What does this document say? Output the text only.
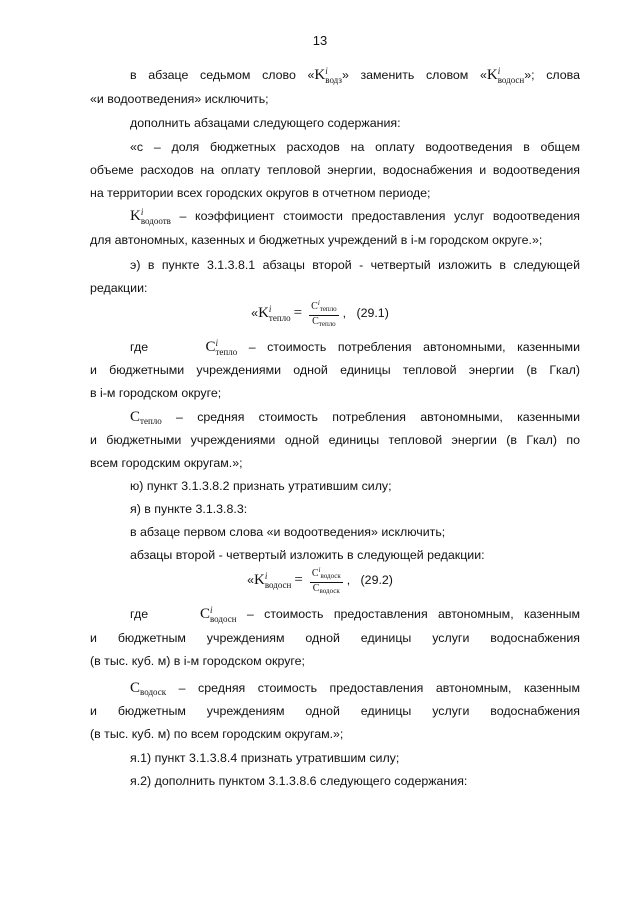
13
в абзаце седьмом слово «K i
водз » заменить словом «K i
водосн »; слова
«и водоотведения» исключить;
дополнить абзацами следующего содержания:
«c – доля бюджетных расходов на оплату водоотведения в общем
объеме расходов на оплату тепловой энергии, водоснабжения и водоотведения
на территории всех городских округов в отчетном периоде;
K i
водоотв – коэффициент стоимости предоставления услуг водоотведения
для автономных, казенных и бюджетных учреждений в i-м городском округе.»;
э) в пункте 3.1.3.8.1 абзацы второй - четвертый изложить в следующей
редакции:
«K i
тепло = $\frac{C^i_{тепло}}{C_{тепло}}$ ,   (29.1)
где	C i
тепло – стоимость потребления автономными, казенными
и бюджетными учреждениями одной единицы тепловой энергии (в Гкал)
в i-м городском округе;
$C_{тепло}$ – средняя стоимость потребления автономными, казенными
и бюджетными учреждениями одной единицы тепловой энергии (в Гкал) по
всем городским округам.»;
ю) пункт 3.1.3.8.2 признать утратившим силу;
я) в пункте 3.1.3.8.3:
в абзаце первом слова «и водоотведения» исключить;
абзацы второй - четвертый изложить в следующей редакции:
«K i
водосн = $\frac{C^i_{водоск}}{C_{водоск}}$ ,   (29.2)
где	C i
водосн – стоимость предоставления автономным, казенным
и бюджетным учреждениям одной единицы услуги водоснабжения
(в тыс. куб. м) в i-м городском округе;
$C_{водоск}$ – средняя стоимость предоставления автономным, казенным
и бюджетным учреждениям одной единицы услуги водоснабжения
(в тыс. куб. м) по всем городским округам.»;
я.1) пункт 3.1.3.8.4 признать утратившим силу;
я.2) дополнить пунктом 3.1.3.8.6 следующего содержания:
